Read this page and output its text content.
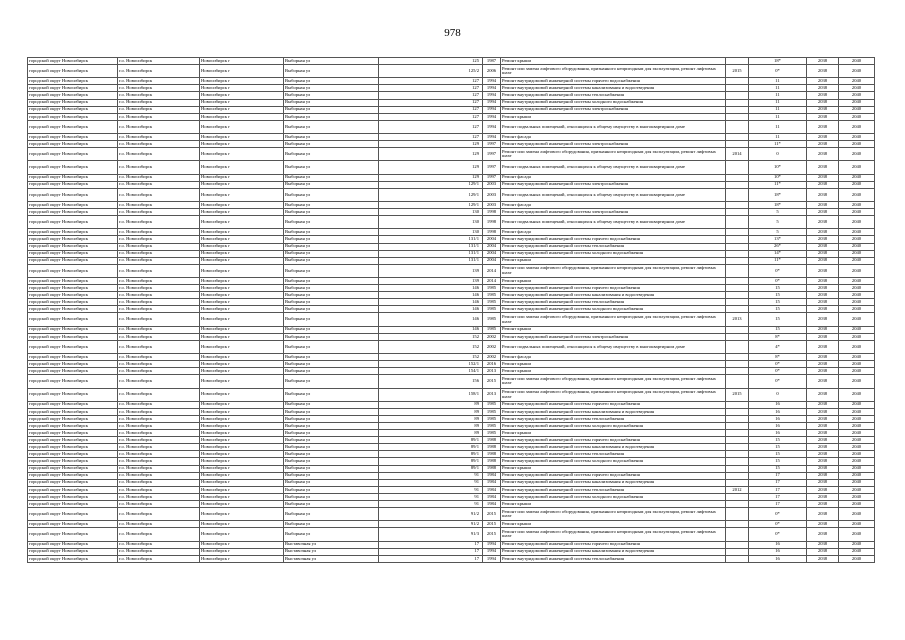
978
городской округ Новосибирск	г.о. Новосибирск	Новосибирск г	Выборная ул	125	1987	Ремонт крыши		18*	2038	2040
городской округ Новосибирск	г.о. Новосибирск	Новосибирск г	Выборная ул	125/2	2006	Ремонт или замена лифтового оборудования, признанного непригодным для эксплуатации, ремонт лифтовых шахт	2015	0*	2038	2040
городской округ Новосибирск	г.о. Новосибирск	Новосибирск г	Выборная ул	127	1994	Ремонт внутридомовой инженерной системы горячего водоснабжения		11	2038	2040
городской округ Новосибирск	г.о. Новосибирск	Новосибирск г	Выборная ул	127	1994	Ремонт внутридомовой инженерной системы канализования и водоотведения		11	2038	2040
городской округ Новосибирск	г.о. Новосибирск	Новосибирск г	Выборная ул	127	1994	Ремонт внутридомовой инженерной системы теплоснабжения		11	2038	2040
городской округ Новосибирск	г.о. Новосибирск	Новосибирск г	Выборная ул	127	1994	Ремонт внутридомовой инженерной системы холодного водоснабжения		11	2038	2040
городской округ Новосибирск	г.о. Новосибирск	Новосибирск г	Выборная ул	127	1994	Ремонт внутридомовой инженерной системы электроснабжения		11	2038	2040
городской округ Новосибирск	г.о. Новосибирск	Новосибирск г	Выборная ул	127	1994	Ремонт крыши		11	2038	2040
городской округ Новосибирск	г.о. Новосибирск	Новосибирск г	Выборная ул	127	1994	Ремонт подвальных помещений, относящихся к общему имуществу в многоквартирном доме		11	2038	2040
городской округ Новосибирск	г.о. Новосибирск	Новосибирск г	Выборная ул	127	1994	Ремонт фасада		11	2038	2040
городской округ Новосибирск	г.о. Новосибирск	Новосибирск г	Выборная ул	129	1997	Ремонт внутридомовой инженерной системы электроснабжения		11*	2038	2040
городской округ Новосибирск	г.о. Новосибирск	Новосибирск г	Выборная ул	129	1997	Ремонт или замена лифтового оборудования, признанного непригодным для эксплуатации, ремонт лифтовых шахт	2014	0	2038	2040
городской округ Новосибирск	г.о. Новосибирск	Новосибирск г	Выборная ул	129	1997	Ремонт подвальных помещений, относящихся к общему имуществу в многоквартирном доме		10*	2038	2040
городской округ Новосибирск	г.о. Новосибирск	Новосибирск г	Выборная ул	129	1997	Ремонт фасада		10*	2038	2040
городской округ Новосибирск	г.о. Новосибирск	Новосибирск г	Выборная ул	129/1	2003	Ремонт внутридомовой инженерной системы электроснабжения		11*	2038	2040
городской округ Новосибирск	г.о. Новосибирск	Новосибирск г	Выборная ул	129/1	2003	Ремонт подвальных помещений, относящихся к общему имуществу в многоквартирном доме		18*	2038	2040
городской округ Новосибирск	г.о. Новосибирск	Новосибирск г	Выборная ул	129/1	2003	Ремонт фасада		18*	2038	2040
городской округ Новосибирск	г.о. Новосибирск	Новосибирск г	Выборная ул	130	1998	Ремонт внутридомовой инженерной системы электроснабжения		5	2038	2040
городской округ Новосибирск	г.о. Новосибирск	Новосибирск г	Выборная ул	130	1998	Ремонт подвальных помещений, относящихся к общему имуществу в многоквартирном доме		5	2038	2040
городской округ Новосибирск	г.о. Новосибирск	Новосибирск г	Выборная ул	130	1998	Ремонт фасада		5	2038	2040
городской округ Новосибирск	г.о. Новосибирск	Новосибирск г	Выборная ул	131/1	2004	Ремонт внутридомовой инженерной системы горячего водоснабжения		13*	2038	2040
городской округ Новосибирск	г.о. Новосибирск	Новосибирск г	Выборная ул	131/1	2004	Ремонт внутридомовой инженерной системы теплоснабжения		26*	2038	2040
городской округ Новосибирск	г.о. Новосибирск	Новосибирск г	Выборная ул	131/1	2004	Ремонт внутридомовой инженерной системы холодного водоснабжения		14*	2038	2040
городской округ Новосибирск	г.о. Новосибирск	Новосибирск г	Выборная ул	131/1	2004	Ремонт крыши		11*	2038	2040
городской округ Новосибирск	г.о. Новосибирск	Новосибирск г	Выборная ул	139	2014	Ремонт или замена лифтового оборудования, признанного непригодным для эксплуатации, ремонт лифтовых шахт		0*	2038	2040
городской округ Новосибирск	г.о. Новосибирск	Новосибирск г	Выборная ул	139	2014	Ремонт крыши		0*	2038	2040
городской округ Новосибирск	г.о. Новосибирск	Новосибирск г	Выборная ул	146	1985	Ремонт внутридомовой инженерной системы горячего водоснабжения		15	2038	2040
городской округ Новосибирск	г.о. Новосибирск	Новосибирск г	Выборная ул	146	1985	Ремонт внутридомовой инженерной системы канализования и водоотведения		15	2038	2040
городской округ Новосибирск	г.о. Новосибирск	Новосибирск г	Выборная ул	146	1985	Ремонт внутридомовой инженерной системы теплоснабжения		15	2038	2040
городской округ Новосибирск	г.о. Новосибирск	Новосибирск г	Выборная ул	146	1985	Ремонт внутридомовой инженерной системы холодного водоснабжения		15	2038	2040
городской округ Новосибирск	г.о. Новосибирск	Новосибирск г	Выборная ул	146	1985	Ремонт или замена лифтового оборудования, признанного непригодным для эксплуатации, ремонт лифтовых шахт	2013	15	2038	2040
городской округ Новосибирск	г.о. Новосибирск	Новосибирск г	Выборная ул	146	1985	Ремонт крыши		15	2038	2040
городской округ Новосибирск	г.о. Новосибирск	Новосибирск г	Выборная ул	152	2002	Ремонт внутридомовой инженерной системы электроснабжения		8*	2038	2040
городской округ Новосибирск	г.о. Новосибирск	Новосибирск г	Выборная ул	152	2002	Ремонт подвальных помещений, относящихся к общему имуществу в многоквартирном доме		4*	2038	2040
городской округ Новосибирск	г.о. Новосибирск	Новосибирск г	Выборная ул	152	2002	Ремонт фасада		8*	2038	2040
городской округ Новосибирск	г.о. Новосибирск	Новосибирск г	Выборная ул	152/1	2016	Ремонт крыши		0*	2038	2040
городской округ Новосибирск	г.о. Новосибирск	Новосибирск г	Выборная ул	154/1	2013	Ремонт крыши		0*	2038	2040
городской округ Новосибирск	г.о. Новосибирск	Новосибирск г	Выборная ул	156	2015	Ремонт или замена лифтового оборудования, признанного непригодным для эксплуатации, ремонт лифтовых шахт		0*	2038	2040
городской округ Новосибирск	г.о. Новосибирск	Новосибирск г	Выборная ул	158/1	2013	Ремонт или замена лифтового оборудования, признанного непригодным для эксплуатации, ремонт лифтовых шахт	2015	0	2038	2040
городской округ Новосибирск	г.о. Новосибирск	Новосибирск г	Выборная ул	89	1985	Ремонт внутридомовой инженерной системы горячего водоснабжения		16	2038	2040
городской округ Новосибирск	г.о. Новосибирск	Новосибирск г	Выборная ул	89	1985	Ремонт внутридомовой инженерной системы канализования и водоотведения		16	2038	2040
городской округ Новосибирск	г.о. Новосибирск	Новосибирск г	Выборная ул	89	1985	Ремонт внутридомовой инженерной системы теплоснабжения		16	2038	2040
городской округ Новосибирск	г.о. Новосибирск	Новосибирск г	Выборная ул	89	1985	Ремонт внутридомовой инженерной системы холодного водоснабжения		16	2038	2040
городской округ Новосибирск	г.о. Новосибирск	Новосибирск г	Выборная ул	89	1985	Ремонт крыши		16	2038	2040
городской округ Новосибирск	г.о. Новосибирск	Новосибирск г	Выборная ул	89/1	1988	Ремонт внутридомовой инженерной системы горячего водоснабжения		15	2038	2040
городской округ Новосибирск	г.о. Новосибирск	Новосибирск г	Выборная ул	89/1	1988	Ремонт внутридомовой инженерной системы канализования и водоотведения		15	2038	2040
городской округ Новосибирск	г.о. Новосибирск	Новосибирск г	Выборная ул	89/1	1988	Ремонт внутридомовой инженерной системы теплоснабжения		15	2038	2040
городской округ Новосибирск	г.о. Новосибирск	Новосибирск г	Выборная ул	89/1	1988	Ремонт внутридомовой инженерной системы холодного водоснабжения		15	2038	2040
городской округ Новосибирск	г.о. Новосибирск	Новосибирск г	Выборная ул	89/1	1988	Ремонт крыши		15	2038	2040
городской округ Новосибирск	г.о. Новосибирск	Новосибирск г	Выборная ул	91	1984	Ремонт внутридомовой инженерной системы горячего водоснабжения		17	2038	2040
городской округ Новосибирск	г.о. Новосибирск	Новосибирск г	Выборная ул	91	1984	Ремонт внутридомовой инженерной системы канализования и водоотведения		17	2038	2040
городской округ Новосибирск	г.о. Новосибирск	Новосибирск г	Выборная ул	91	1984	Ремонт внутридомовой инженерной системы теплоснабжения	2012	17	2038	2040
городской округ Новосибирск	г.о. Новосибирск	Новосибирск г	Выборная ул	91	1984	Ремонт внутридомовой инженерной системы холодного водоснабжения		17	2038	2040
городской округ Новосибирск	г.о. Новосибирск	Новосибирск г	Выборная ул	91	1984	Ремонт крыши		17	2038	2040
городской округ Новосибирск	г.о. Новосибирск	Новосибирск г	Выборная ул	91/2	2015	Ремонт или замена лифтового оборудования, признанного непригодным для эксплуатации, ремонт лифтовых шахт		0*	2038	2040
городской округ Новосибирск	г.о. Новосибирск	Новосибирск г	Выборная ул	91/2	2015	Ремонт крыши		0*	2038	2040
городской округ Новосибирск	г.о. Новосибирск	Новосибирск г	Выборная ул	91/3	2015	Ремонт или замена лифтового оборудования, признанного непригодным для эксплуатации, ремонт лифтовых шахт		0*	2038	2040
городской округ Новосибирск	г.о. Новосибирск	Новосибирск г	Выставочная ул	17	1994	Ремонт внутридомовой инженерной системы горячего водоснабжения		16	2038	2040
городской округ Новосибирск	г.о. Новосибирск	Новосибирск г	Выставочная ул	17	1994	Ремонт внутридомовой инженерной системы канализования и водоотведения		16	2038	2040
городской округ Новосибирск	г.о. Новосибирск	Новосибирск г	Выставочная ул	17	1994	Ремонт внутридомовой инженерной системы теплоснабжения		16	2038	2040
